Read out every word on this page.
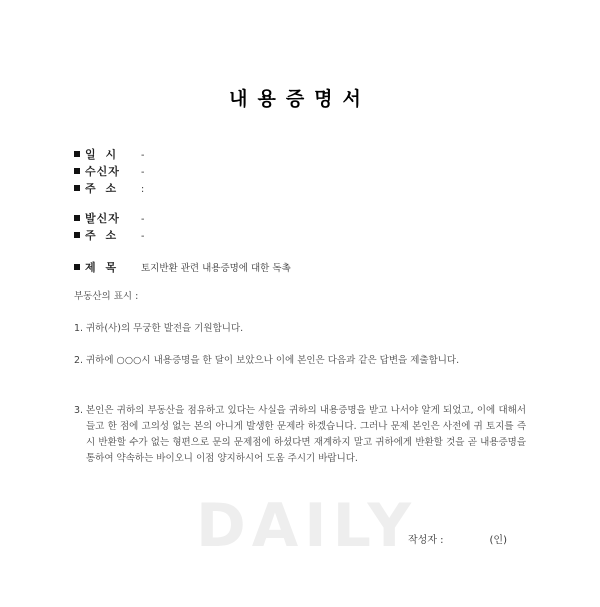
내용증명서
일 시 -
수신자 -
주 소 :
발신자 -
주 소 -
제 목 토지반환 관련 내용증명에 대한 독촉
부동산의 표시 :
1. 귀하(사)의 무궁한 발전을 기원합니다.
2. 귀하에 ○○○시 내용증명을 한 달이 보았으나 이에 본인은 다음과 같은 답변을 제출합니다.
3. 본인은 귀하의 부동산을 점유하고 있다는 사실을 귀하의 내용증명을 받고 나서야 알게 되었고, 이에 대해서 들고 한 점에 고의성 없는 본의 아니게 발생한 문제라 하겠습니다. 그러나 문제 본인은 사전에 귀 토지를 즉시 반환할 수가 없는 형편으로 문의 문제점에 하셨다면 재계하지 말고 귀하에게 반환할 것을 곧 내용증명을 통하여 약속하는 바이오니 이점 양지하시어 도움 주시기 바랍니다.
DAILY
작성자 :	(인)
